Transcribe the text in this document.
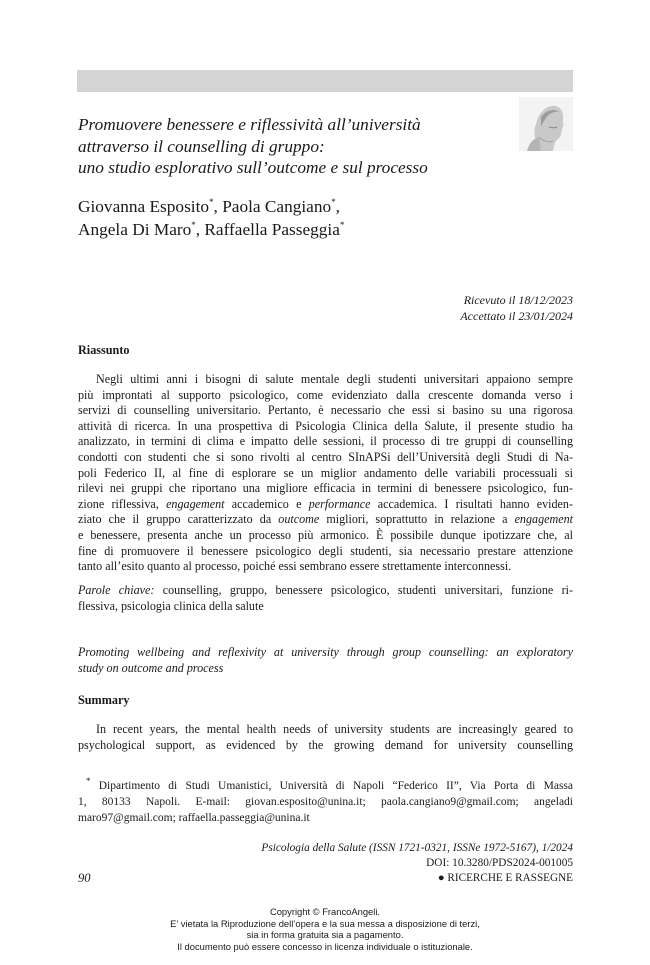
Promuovere benessere e riflessività all’università
attraverso il counselling di gruppo:
uno studio esplorativo sull’outcome e sul processo
Giovanna Esposito*, Paola Cangiano*,
Angela Di Maro*, Raffaella Passeggia*
Ricevuto il 18/12/2023
Accettato il 23/01/2024
Riassunto
Negli ultimi anni i bisogni di salute mentale degli studenti universitari appaiono sempre
più improntati al supporto psicologico, come evidenziato dalla crescente domanda verso i
servizi di counselling universitario. Pertanto, è necessario che essi si basino su una rigorosa
attività di ricerca. In una prospettiva di Psicologia Clinica della Salute, il presente studio ha
analizzato, in termini di clima e impatto delle sessioni, il processo di tre gruppi di counselling
condotti con studenti che si sono rivolti al centro SInAPSi dell’Università degli Studi di Na-
poli Federico II, al fine di esplorare se un miglior andamento delle variabili processuali si
rilevi nei gruppi che riportano una migliore efficacia in termini di benessere psicologico, fun-
zione riflessiva, engagement accademico e performance accademica. I risultati hanno eviden-
ziato che il gruppo caratterizzato da outcome migliori, soprattutto in relazione a engagement
e benessere, presenta anche un processo più armonico. È possibile dunque ipotizzare che, al
fine di promuovere il benessere psicologico degli studenti, sia necessario prestare attenzione
tanto all’esito quanto al processo, poiché essi sembrano essere strettamente interconnessi.
Parole chiave: counselling, gruppo, benessere psicologico, studenti universitari, funzione ri-
flessiva, psicologia clinica della salute
Promoting wellbeing and reflexivity at university through group counselling: an exploratory
study on outcome and process
Summary
In recent years, the mental health needs of university students are increasingly geared to
psychological support, as evidenced by the growing demand for university counselling
* Dipartimento di Studi Umanistici, Università di Napoli “Federico II”, Via Porta di Massa
1, 80133 Napoli. E-mail: giovan.esposito@unina.it; paola.cangiano9@gmail.com; angeladi
maro97@gmail.com; raffaella.passeggia@unina.it
Psicologia della Salute (ISSN 1721-0321, ISSNe 1972-5167), 1/2024
DOI: 10.3280/PDS2024-001005
90	● RICERCHE E RASSEGNE
Copyright © FrancoAngeli.
E’ vietata la Riproduzione dell’opera e la sua messa a disposizione di terzi,
sia in forma gratuita sia a pagamento.
Il documento può essere concesso in licenza individuale o istituzionale.
